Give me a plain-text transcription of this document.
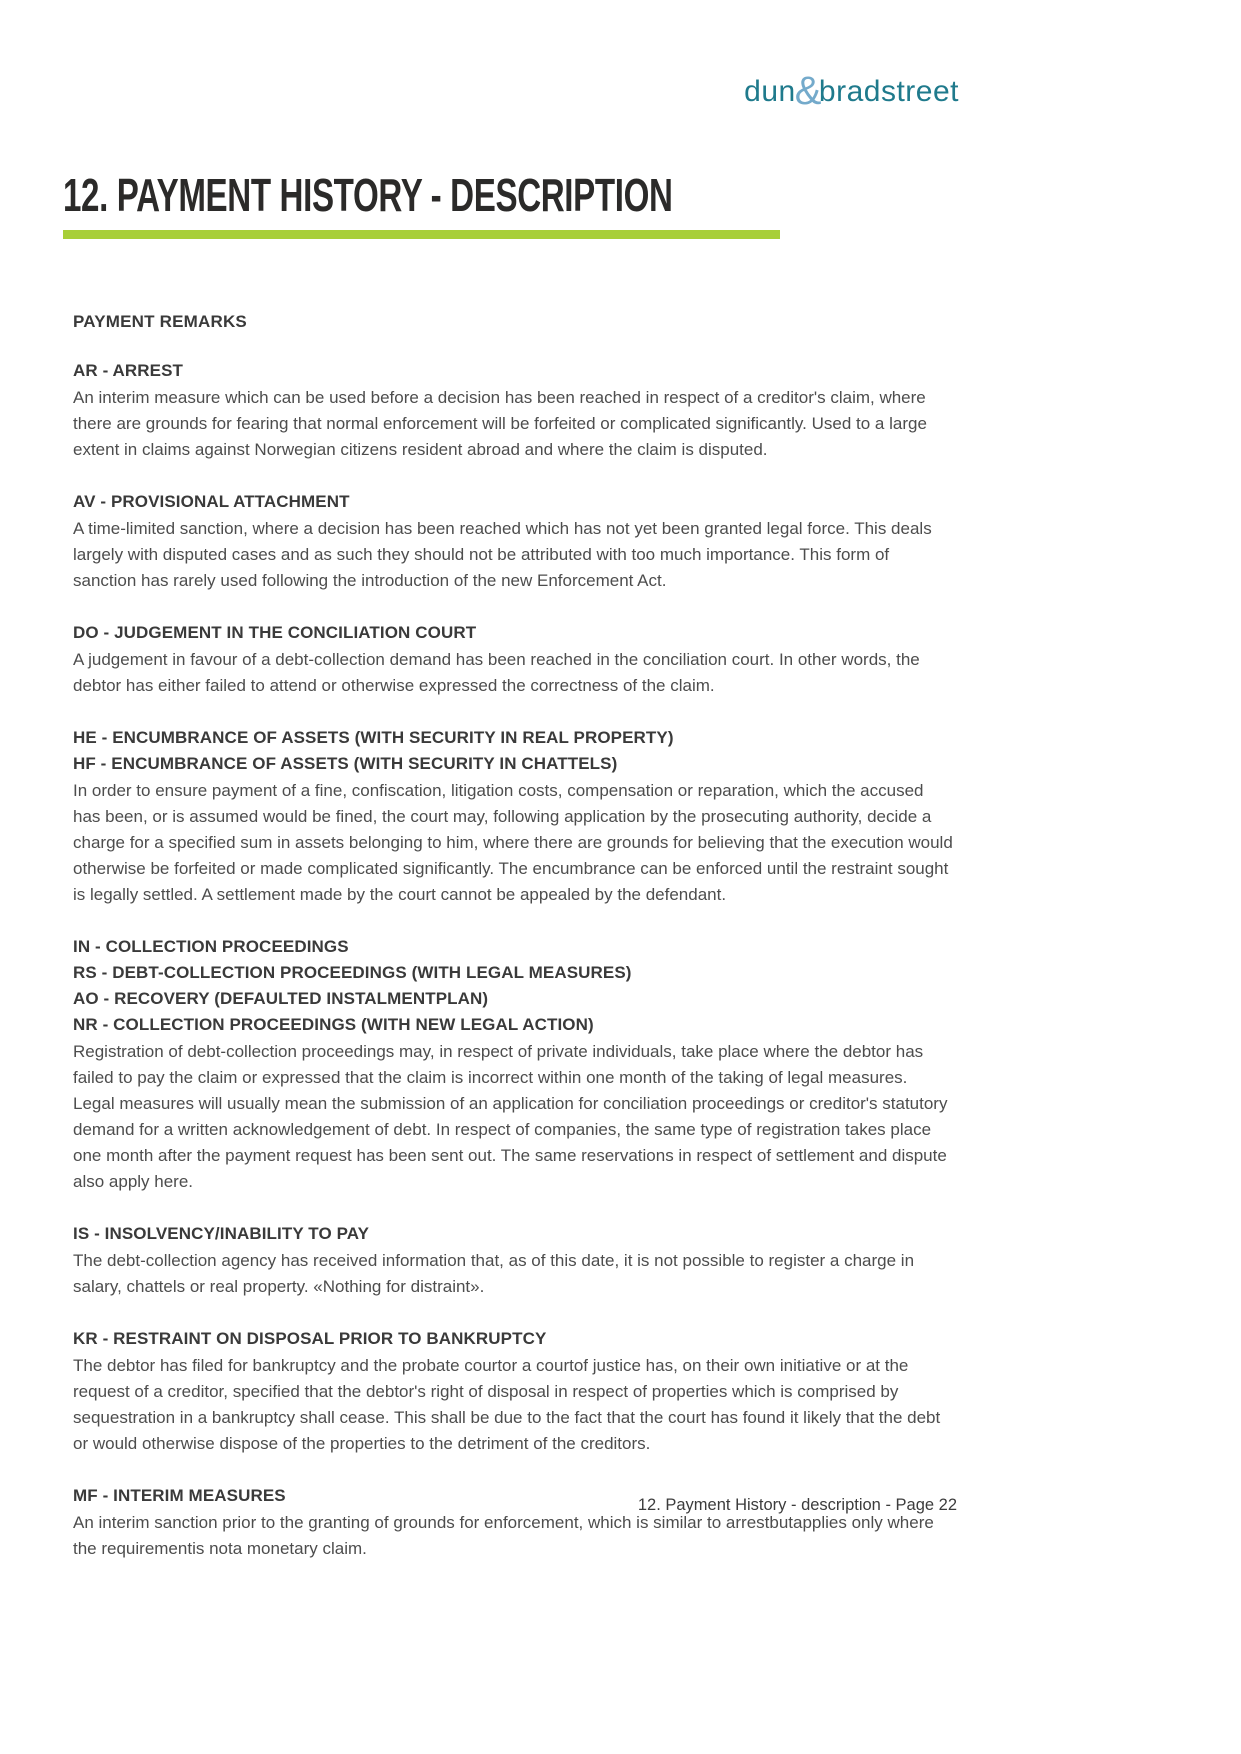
dun&bradstreet
12. PAYMENT HISTORY - DESCRIPTION
PAYMENT REMARKS
AR - ARREST

An interim measure which can be used before a decision has been reached in respect of a creditor's claim, where there are grounds for fearing that normal enforcement will be forfeited or complicated significantly. Used to a large extent in claims against Norwegian citizens resident abroad and where the claim is disputed.

AV - PROVISIONAL ATTACHMENT

A time-limited sanction, where a decision has been reached which has not yet been granted legal force. This deals largely with disputed cases and as such they should not be attributed with too much importance. This form of sanction has rarely used following the introduction of the new Enforcement Act.

DO - JUDGEMENT IN THE CONCILIATION COURT

A judgement in favour of a debt-collection demand has been reached in the conciliation court. In other words, the debtor has either failed to attend or otherwise expressed the correctness of the claim.

HE - ENCUMBRANCE OF ASSETS (WITH SECURITY IN REAL PROPERTY)
HF - ENCUMBRANCE OF ASSETS (WITH SECURITY IN CHATTELS)

In order to ensure payment of a fine, confiscation, litigation costs, compensation or reparation, which the accused has been, or is assumed would be fined, the court may, following application by the prosecuting authority, decide a charge for a specified sum in assets belonging to him, where there are grounds for believing that the execution would otherwise be forfeited or made complicated significantly. The encumbrance can be enforced until the restraint sought is legally settled. A settlement made by the court cannot be appealed by the defendant.

IN - COLLECTION PROCEEDINGS
RS - DEBT-COLLECTION PROCEEDINGS (WITH LEGAL MEASURES)
AO - RECOVERY (DEFAULTED INSTALMENTPLAN)
NR - COLLECTION PROCEEDINGS (WITH NEW LEGAL ACTION)

Registration of debt-collection proceedings may, in respect of private individuals, take place where the debtor has failed to pay the claim or expressed that the claim is incorrect within one month of the taking of legal measures. Legal measures will usually mean the submission of an application for conciliation proceedings or creditor's statutory demand for a written acknowledgement of debt. In respect of companies, the same type of registration takes place one month after the payment request has been sent out. The same reservations in respect of settlement and dispute also apply here.

IS - INSOLVENCY/INABILITY TO PAY

The debt-collection agency has received information that, as of this date, it is not possible to register a charge in salary, chattels or real property. «Nothing for distraint».

KR - RESTRAINT ON DISPOSAL PRIOR TO BANKRUPTCY

The debtor has filed for bankruptcy and the probate courtor a courtof justice has, on their own initiative or at the request of a creditor, specified that the debtor's right of disposal in respect of properties which is comprised by sequestration in a bankruptcy shall cease. This shall be due to the fact that the court has found it likely that the debt or would otherwise dispose of the properties to the detriment of the creditors.

MF - INTERIM MEASURES

An interim sanction prior to the granting of grounds for enforcement, which is similar to arrestbutapplies only where the requirementis nota monetary claim.

12. Payment History - description - Page 22
